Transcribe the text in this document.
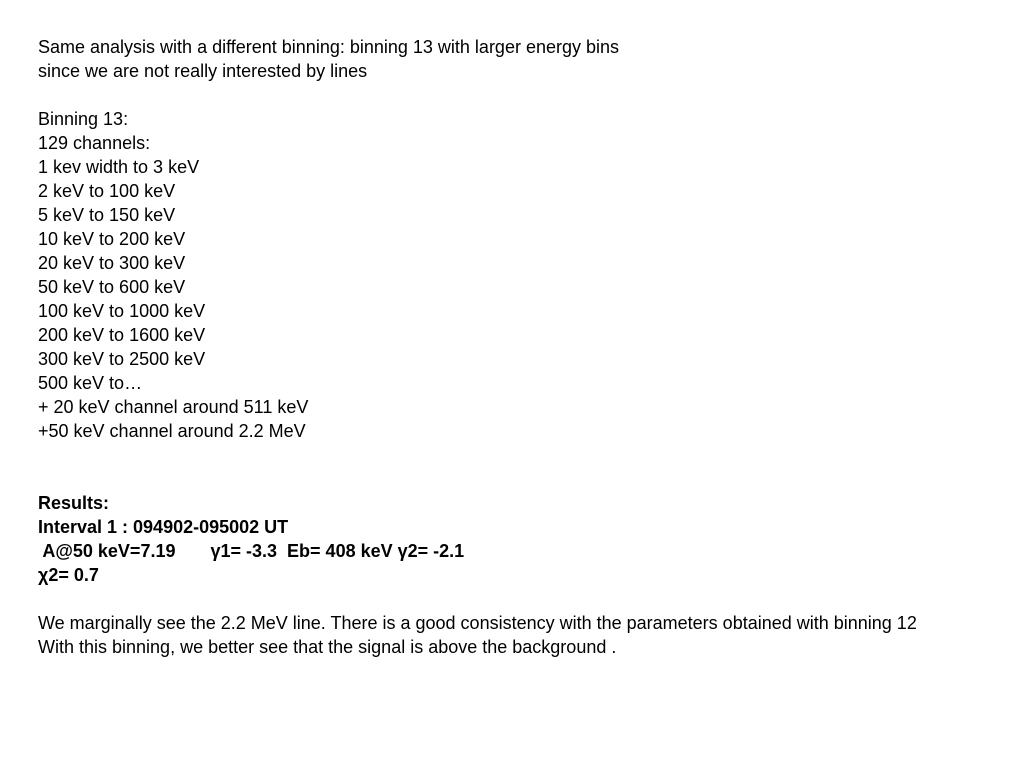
Same analysis with a different binning: binning 13 with larger energy bins
since we are not really interested by lines
Binning 13:
129 channels:
1 kev width to 3 keV
2 keV to 100 keV
5 keV to 150 keV
10 keV to 200 keV
20 keV to 300 keV
50 keV to 600 keV
100 keV to 1000 keV
200 keV to 1600 keV
300 keV to 2500 keV
500 keV to…
+ 20 keV channel around 511 keV
+50 keV channel around 2.2 MeV
Results:
Interval 1 : 094902-095002 UT
A@50 keV=7.19       γ1= -3.3  Eb= 408 keV γ2= -2.1
χ2= 0.7
We marginally see the 2.2 MeV line. There is a good consistency with the parameters obtained with binning 12
With this binning, we better see that the signal is above the background .
